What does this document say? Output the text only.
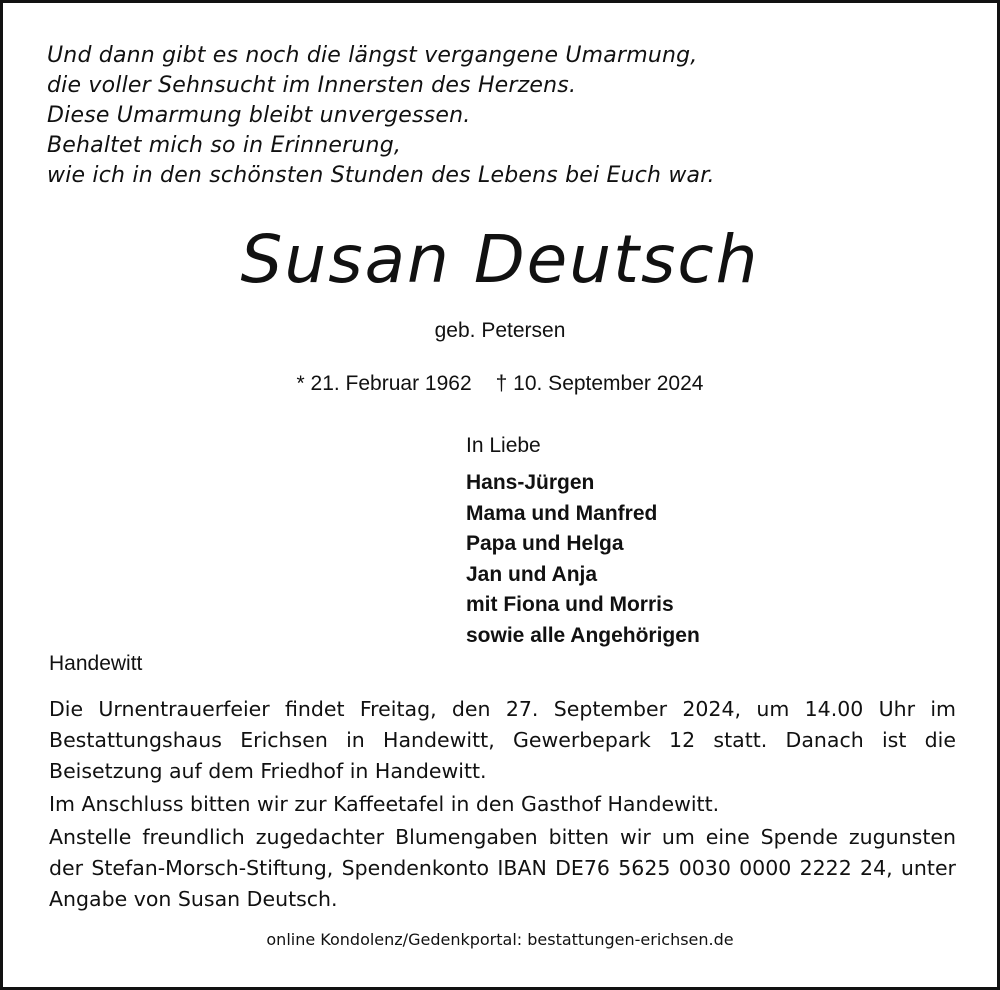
Und dann gibt es noch die längst vergangene Umarmung,
die voller Sehnsucht im Innersten des Herzens.
Diese Umarmung bleibt unvergessen.
Behaltet mich so in Erinnerung,
wie ich in den schönsten Stunden des Lebens bei Euch war.
Susan Deutsch
geb. Petersen
* 21. Februar 1962 † 10. September 2024
In Liebe
Hans-Jürgen
Mama und Manfred
Papa und Helga
Jan und Anja
mit Fiona und Morris
sowie alle Angehörigen
Handewitt

Die Urnentrauerfeier findet Freitag, den 27. September 2024, um 14.00 Uhr im Bestattungshaus Erichsen in Handewitt, Gewerbepark 12 statt. Danach ist die Beisetzung auf dem Friedhof in Handewitt.

Im Anschluss bitten wir zur Kaffeetafel in den Gasthof Handewitt.

Anstelle freundlich zugedachter Blumengaben bitten wir um eine Spende zugunsten der Stefan-Morsch-Stiftung, Spendenkonto IBAN DE76 5625 0030 0000 2222 24, unter Angabe von Susan Deutsch.

online Kondolenz/Gedenkportal: bestattungen-erichsen.de
